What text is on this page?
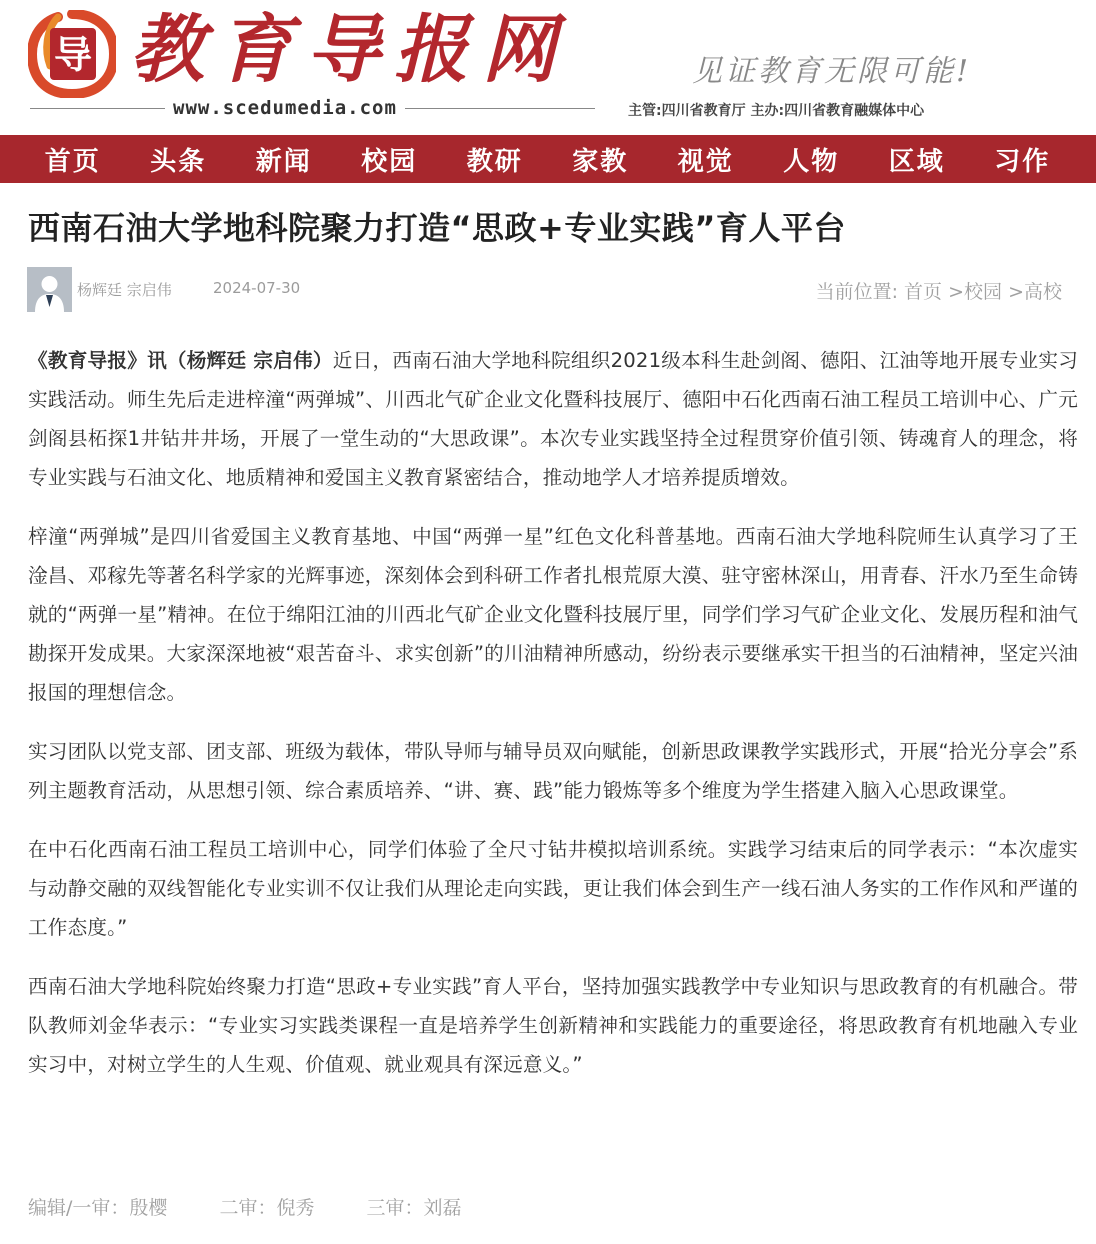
导 教育导报网
www.scedumedia.com
见证教育无限可能!
主管:四川省教育厅 主办:四川省教育融媒体中心
首页	头条	新闻	校园	教研	家教	视觉	人物	区域	习作
西南石油大学地科院聚力打造“思政+专业实践”育人平台
杨辉廷 宗启伟	2024-07-30	当前位置: 首页 >校园 >高校

《教育导报》讯（杨辉廷 宗启伟）近日，西南石油大学地科院组织2021级本科生赴剑阁、德阳、江油等地开展专业实习实践活动。师生先后走进梓潼“两弹城”、川西北气矿企业文化暨科技展厅、德阳中石化西南石油工程员工培训中心、广元剑阁县柘探1井钻井井场，开展了一堂生动的“大思政课”。本次专业实践坚持全过程贯穿价值引领、铸魂育人的理念，将专业实践与石油文化、地质精神和爱国主义教育紧密结合，推动地学人才培养提质增效。

梓潼“两弹城”是四川省爱国主义教育基地、中国“两弹一星”红色文化科普基地。西南石油大学地科院师生认真学习了王淦昌、邓稼先等著名科学家的光辉事迹，深刻体会到科研工作者扎根荒原大漠、驻守密林深山，用青春、汗水乃至生命铸就的“两弹一星”精神。在位于绵阳江油的川西北气矿企业文化暨科技展厅里，同学们学习气矿企业文化、发展历程和油气勘探开发成果。大家深深地被“艰苦奋斗、求实创新”的川油精神所感动，纷纷表示要继承实干担当的石油精神，坚定兴油报国的理想信念。

实习团队以党支部、团支部、班级为载体，带队导师与辅导员双向赋能，创新思政课教学实践形式，开展“拾光分享会”系列主题教育活动，从思想引领、综合素质培养、“讲、赛、践”能力锻炼等多个维度为学生搭建入脑入心思政课堂。

在中石化西南石油工程员工培训中心，同学们体验了全尺寸钻井模拟培训系统。实践学习结束后的同学表示：“本次虚实与动静交融的双线智能化专业实训不仅让我们从理论走向实践，更让我们体会到生产一线石油人务实的工作作风和严谨的工作态度。”

西南石油大学地科院始终聚力打造“思政+专业实践”育人平台，坚持加强实践教学中专业知识与思政教育的有机融合。带队教师刘金华表示：“专业实习实践类课程一直是培养学生创新精神和实践能力的重要途径，将思政教育有机地融入专业实习中，对树立学生的人生观、价值观、就业观具有深远意义。”

编辑/一审：殷樱	二审：倪秀	三审：刘磊
